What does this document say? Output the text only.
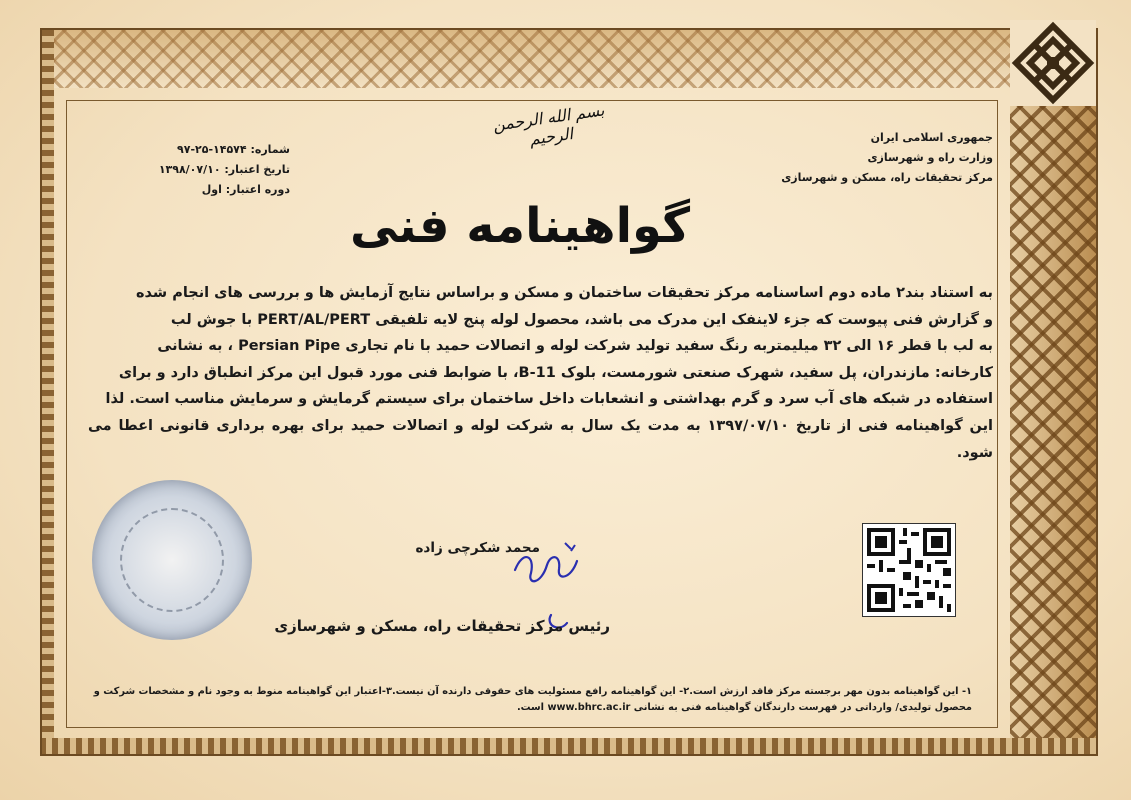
جمهوری اسلامی ایران
وزارت راه و شهرسازی
مرکز تحقیقات راه، مسکن و شهرسازی
شماره: ۱۴۵۷۴-۲۵-۹۷
تاریخ اعتبار: ۱۳۹۸/۰۷/۱۰
دوره اعتبار: اول
بسم الله الرحمن الرحیم
گواهینامه فنی

به استناد بند۲ ماده دوم اساسنامه مرکز تحقیقات ساختمان و مسکن و براساس نتایج آزمایش ها و بررسی های انجام شده

و گزارش فنی پیوست که جزء لاینفک این مدرک می باشد، محصول لوله پنج لایه تلفیقی PERT/AL/PERT با جوش لب

به لب با قطر ۱۶ الی ۳۲ میلیمتربه رنگ سفید تولید شرکت لوله و اتصالات حمید با نام تجاری Persian Pipe ، به نشانی

کارخانه: مازندران، پل سفید، شهرک صنعتی شورمست، بلوک B-11، با ضوابط فنی مورد قبول این مرکز انطباق دارد و برای

استفاده در شبکه های آب سرد و گرم بهداشتی و انشعابات داخل ساختمان برای سیستم گرمایش و سرمایش مناسب است. لذا

این گواهینامه فنی از تاریخ ۱۳۹۷/۰۷/۱۰ به مدت یک سال به شرکت لوله و اتصالات حمید برای بهره برداری قانونی اعطا می شود.

محمد شکرچی زاده
رئیس مرکز تحقیقات راه، مسکن و شهرسازی

۱- این گواهینامه بدون مهر برجسته مرکز فاقد ارزش است.۲- این گواهینامه رافع مسئولیت های حقوقی دارنده آن نیست.۳-اعتبار این گواهینامه منوط به وجود نام و مشخصات شرکت و

محصول تولیدی/ وارداتی در فهرست دارندگان گواهینامه فنی به نشانی www.bhrc.ac.ir است.
